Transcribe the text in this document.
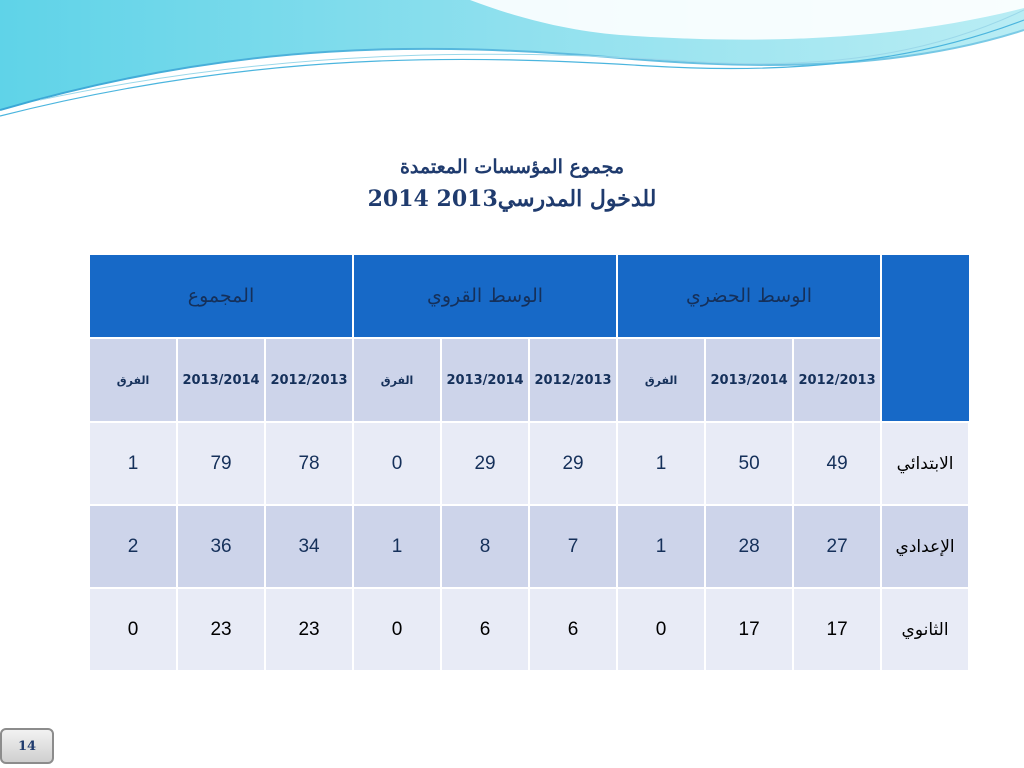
مجموع المؤسسات المعتمدة
للدخول المدرسي2013 2014
	الوسط الحضري			الوسط القروي			المجموع		
	2012/2013	2013/2014	الفرق	2012/2013	2013/2014	الفرق	2012/2013	2013/2014	الفرق
الابتدائي	49	50	1	29	29	0	78	79	1
الإعدادي	27	28	1	7	8	1	34	36	2
الثانوي	17	17	0	6	6	0	23	23	0
14
